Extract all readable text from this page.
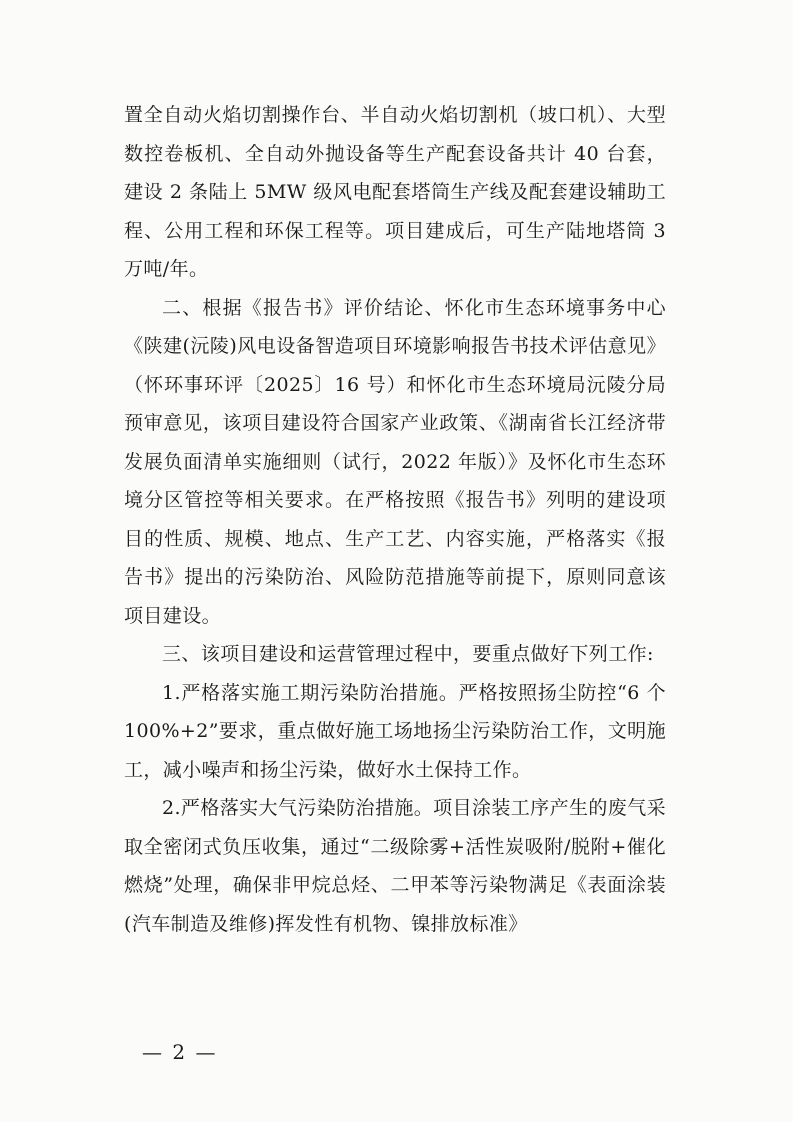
置全自动火焰切割操作台、半自动火焰切割机（坡口机）、大型数控卷板机、全自动外抛设备等生产配套设备共计 40 台套，建设 2 条陆上 5MW 级风电配套塔筒生产线及配套建设辅助工程、公用工程和环保工程等。项目建成后，可生产陆地塔筒 3 万吨/年。

二、根据《报告书》评价结论、怀化市生态环境事务中心《陕建(沅陵)风电设备智造项目环境影响报告书技术评估意见》（怀环事环评〔2025〕16 号）和怀化市生态环境局沅陵分局预审意见，该项目建设符合国家产业政策、《湖南省长江经济带发展负面清单实施细则（试行，2022 年版）》及怀化市生态环境分区管控等相关要求。在严格按照《报告书》列明的建设项目的性质、规模、地点、生产工艺、内容实施，严格落实《报告书》提出的污染防治、风险防范措施等前提下，原则同意该项目建设。

三、该项目建设和运营管理过程中，要重点做好下列工作:

1.严格落实施工期污染防治措施。严格按照扬尘防控“6 个 100%+2”要求，重点做好施工场地扬尘污染防治工作，文明施工，减小噪声和扬尘污染，做好水土保持工作。

2.严格落实大气污染防治措施。项目涂装工序产生的废气采取全密闭式负压收集，通过“二级除雾+活性炭吸附/脱附+催化燃烧”处理，确保非甲烷总烃、二甲苯等污染物满足《表面涂装(汽车制造及维修)挥发性有机物、镍排放标准》

— 2 —
